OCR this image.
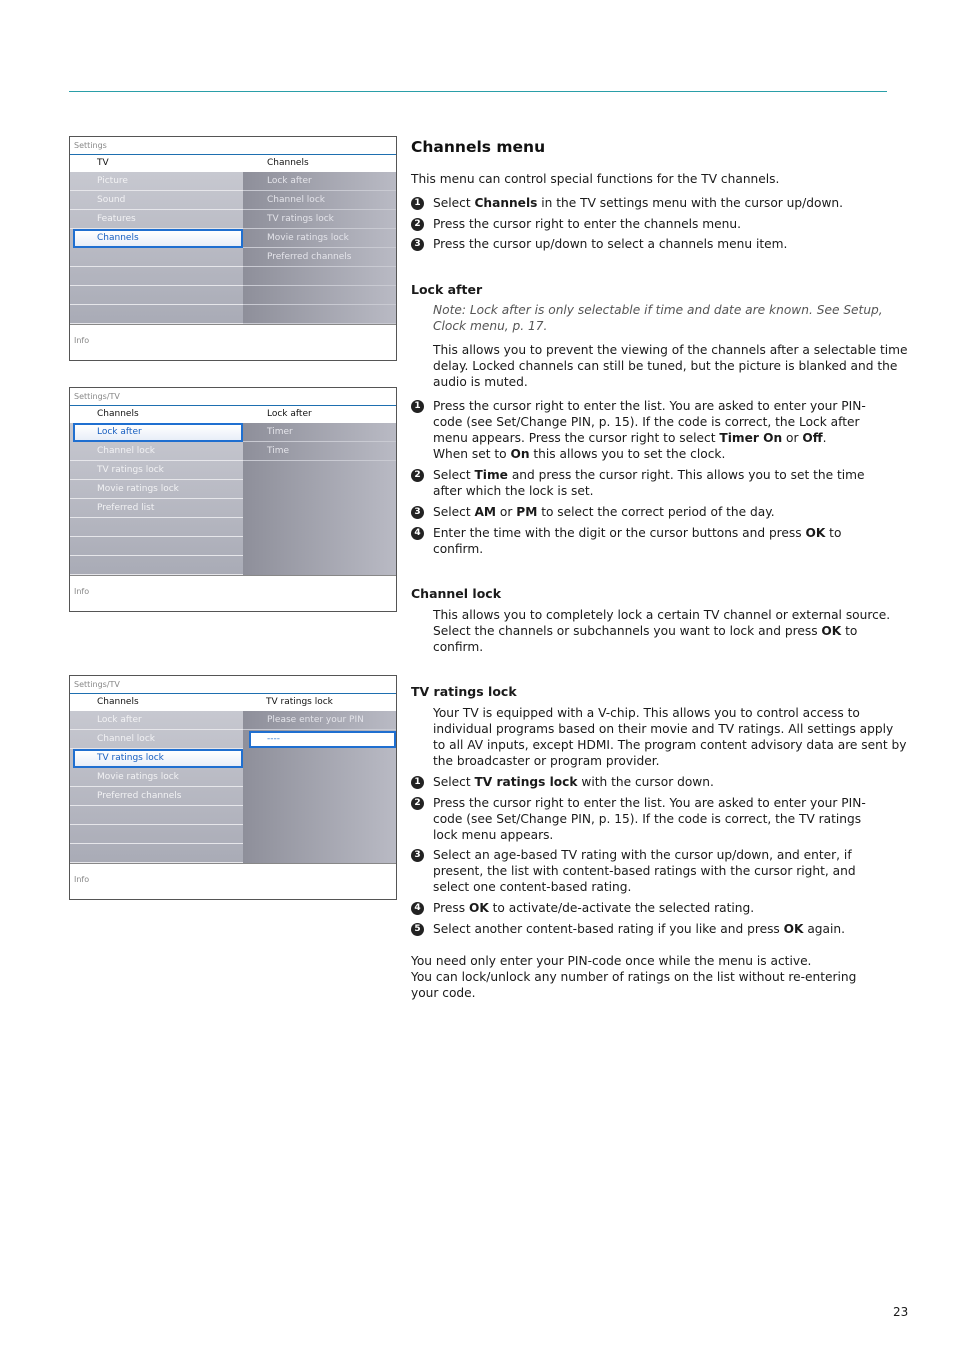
Settings
TV	Channels
Picture
Sound
Features
Channels
Lock after
Channel lock
TV ratings lock
Movie ratings lock
Preferred channels
Info
Settings/TV
Channels	Lock after
Lock after
Channel lock
TV ratings lock
Movie ratings lock
Preferred list
Timer
Time
Info
Settings/TV
Channels	TV ratings lock
Lock after
Channel lock
TV ratings lock
Movie ratings lock
Preferred channels
Please enter your PIN
----
Info
Channels menu
This menu can control special functions for the TV channels.
1 Select Channels in the TV settings menu with the cursor up/down.
2 Press the cursor right to enter the channels menu.
3 Press the cursor up/down to select a channels menu item.
Lock after
Note: Lock after is only selectable if time and date are known. See Setup, Clock menu, p. 17.
This allows you to prevent the viewing of the channels after a selectable time delay. Locked channels can still be tuned, but the picture is blanked and the audio is muted.
1 Press the cursor right to enter the list. You are asked to enter your PIN-code (see Set/Change PIN, p. 15). If the code is correct, the Lock after menu appears. Press the cursor right to select Timer On or Off.
When set to On this allows you to set the clock.
2 Select Time and press the cursor right. This allows you to set the time after which the lock is set.
3 Select AM or PM to select the correct period of the day.
4 Enter the time with the digit or the cursor buttons and press OK to confirm.
Channel lock
This allows you to completely lock a certain TV channel or external source. Select the channels or subchannels you want to lock and press OK to confirm.
TV ratings lock
Your TV is equipped with a V-chip. This allows you to control access to individual programs based on their movie and TV ratings. All settings apply to all AV inputs, except HDMI. The program content advisory data are sent by the broadcaster or program provider.
1 Select TV ratings lock with the cursor down.
2 Press the cursor right to enter the list. You are asked to enter your PIN-code (see Set/Change PIN, p. 15). If the code is correct, the TV ratings lock menu appears.
3 Select an age-based TV rating with the cursor up/down, and enter, if present, the list with content-based ratings with the cursor right, and select one content-based rating.
4 Press OK to activate/de-activate the selected rating.
5 Select another content-based rating if you like and press OK again.
You need only enter your PIN-code once while the menu is active.
You can lock/unlock any number of ratings on the list without re-entering your code.
23
